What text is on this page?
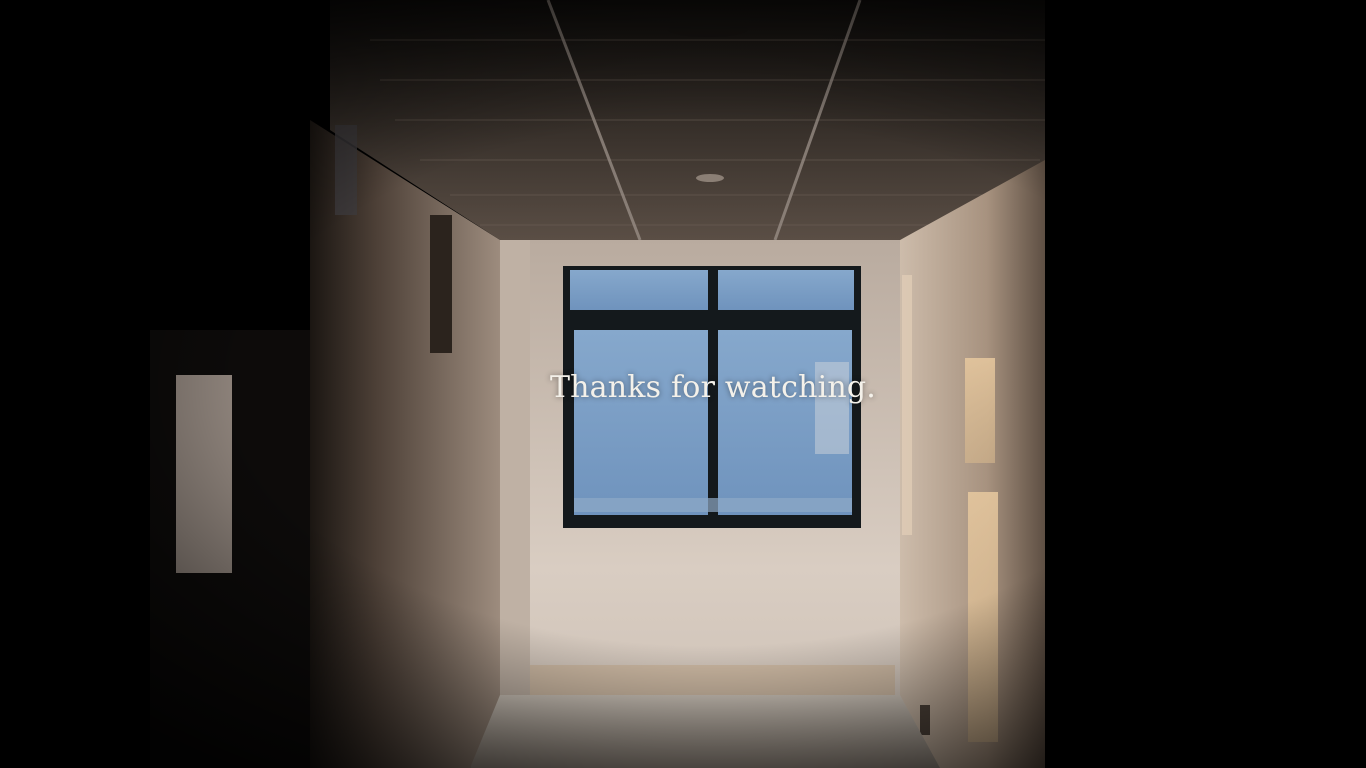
Thanks for watching.
